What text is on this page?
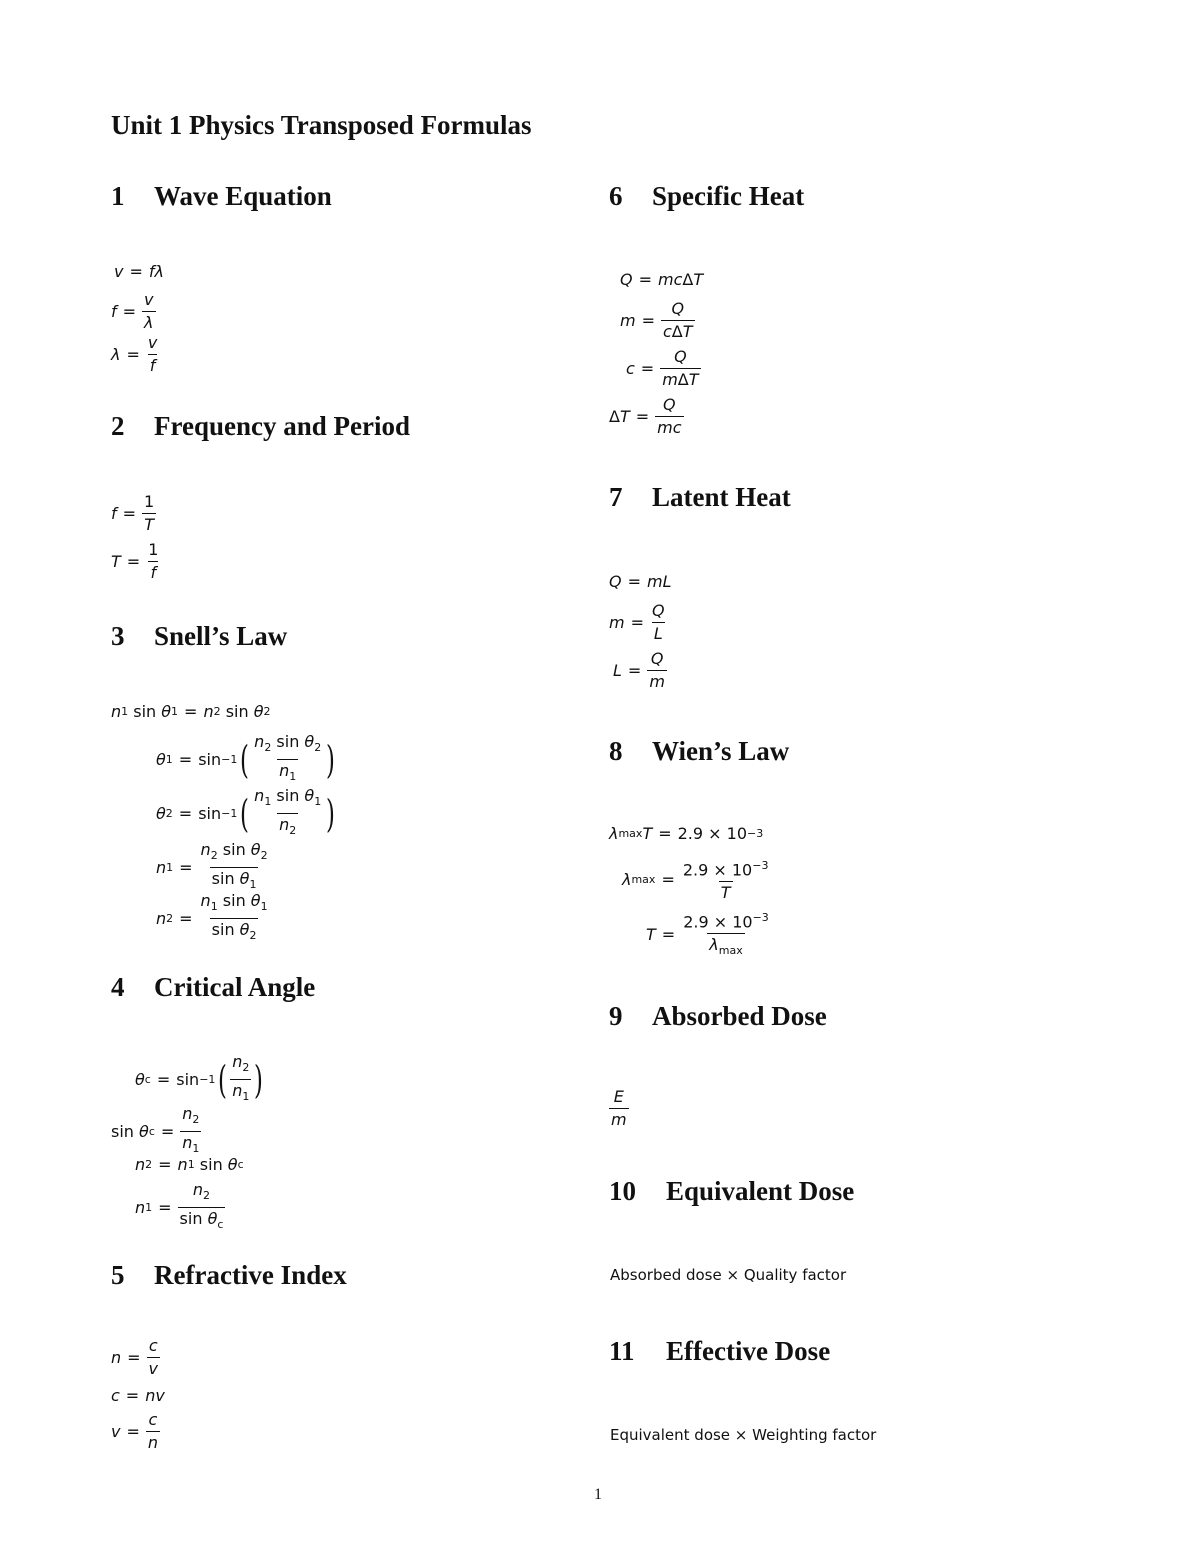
Unit 1 Physics Transposed Formulas
1 Wave Equation
v = f λ
$f = \frac{v}{\lambda}$
$\lambda = \frac{v}{f}$
2 Frequency and Period
$f = \frac{1}{T}$
$T = \frac{1}{f}$
3 Snell’s Law
n 1
sin
θ 1 = n 2
sin
θ 2
θ 1 = sin −1 ( $\frac{n_2 \sin \theta_2}{n_1}$ )
θ 2 = sin −1 ( $\frac{n_1 \sin \theta_1}{n_2}$ )
n $1 = \frac{n_2 \sin \theta_2}{\sin \theta_1}$
n $2 = \frac{n_1 \sin \theta_1}{\sin \theta_2}$
4 Critical Angle
θ c = sin −1 ( $\frac{n_2}{n_1}$ )
sin
θ $c = \frac{n_2}{n_1}$
n 2 = n 1
sin
θ c
n $1 = \frac{n_2}{\sin \theta_c}$
5 Refractive Index
$n = \frac{c}{v}$
c = nv
$v = \frac{c}{n}$
6 Specific Heat
Q = mc Δ T
$m = \frac{Q}{\text{cΔT}}$
$c = \frac{Q}{\text{mΔT}}$
Δ $T = \frac{Q}{mc}$
7 Latent Heat
Q = mL
$m = \frac{Q}{L}$
$L = \frac{Q}{m}$
8 Wien’s Law
λ max T = 2.9 × 10 −3
λ $\max = \frac{2.9 \times 10^{-3}}{T}$
$T = \frac{2.9 \times 10^{-3}}{\lambda_{max}}$
9 Absorbed Dose
$\frac{E}{m}$
10 Equivalent Dose
Absorbed dose × Quality factor
11 Effective Dose
Equivalent dose × Weighting factor
1
